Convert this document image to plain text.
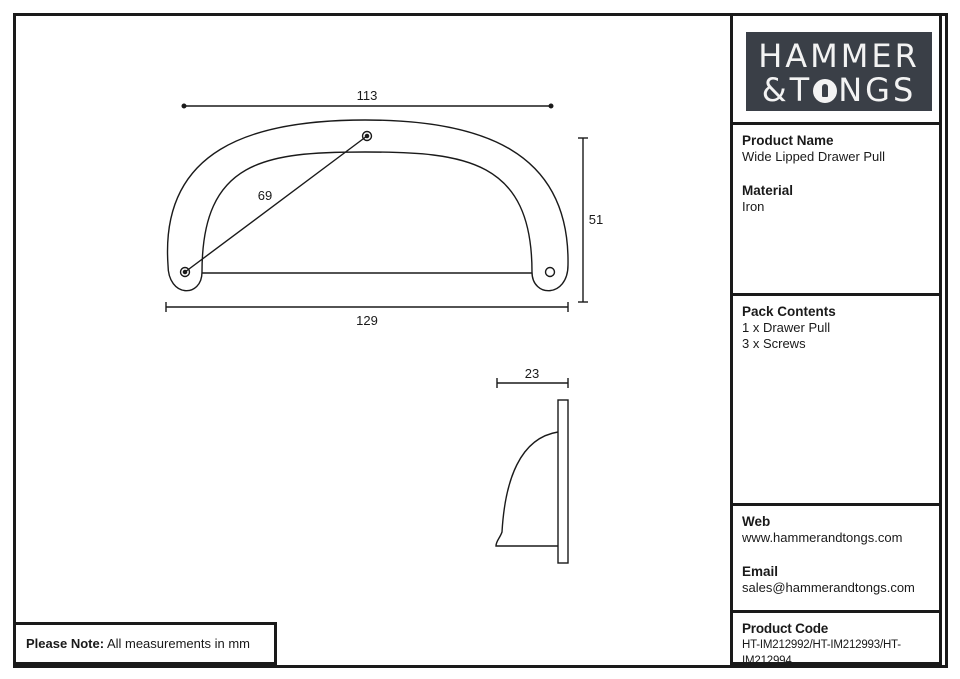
113
69
51
129
23
HAMMER
&T NGS
Product Name
Wide Lipped Drawer Pull
Material
Iron
Pack Contents
1 x Drawer Pull
3 x Screws
Web
www.hammerandtongs.com
Email
sales@hammerandtongs.com
Product Code
HT-IM212992/HT-IM212993/HT-IM212994
Please Note: All measurements in mm
